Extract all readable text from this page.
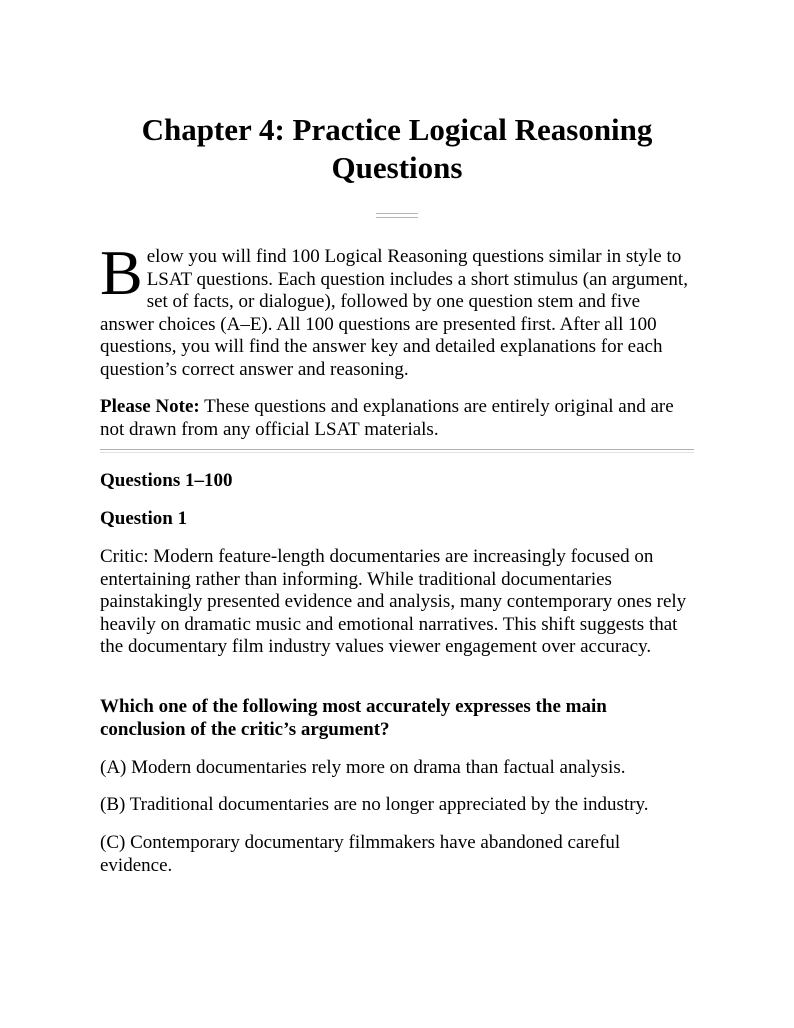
Chapter 4: Practice Logical Reasoning Questions

Below you will find 100 Logical Reasoning questions similar in style to LSAT questions. Each question includes a short stimulus (an argument, set of facts, or dialogue), followed by one question stem and five answer choices (A–E). All 100 questions are presented first. After all 100 questions, you will find the answer key and detailed explanations for each question’s correct answer and reasoning.

Please Note: These questions and explanations are entirely original and are not drawn from any official LSAT materials.

Questions 1–100

Question 1

Critic: Modern feature-length documentaries are increasingly focused on entertaining rather than informing. While traditional documentaries painstakingly presented evidence and analysis, many contemporary ones rely heavily on dramatic music and emotional narratives. This shift suggests that the documentary film industry values viewer engagement over accuracy.

Which one of the following most accurately expresses the main conclusion of the critic’s argument?

(A) Modern documentaries rely more on drama than factual analysis.

(B) Traditional documentaries are no longer appreciated by the industry.

(C) Contemporary documentary filmmakers have abandoned careful evidence.
